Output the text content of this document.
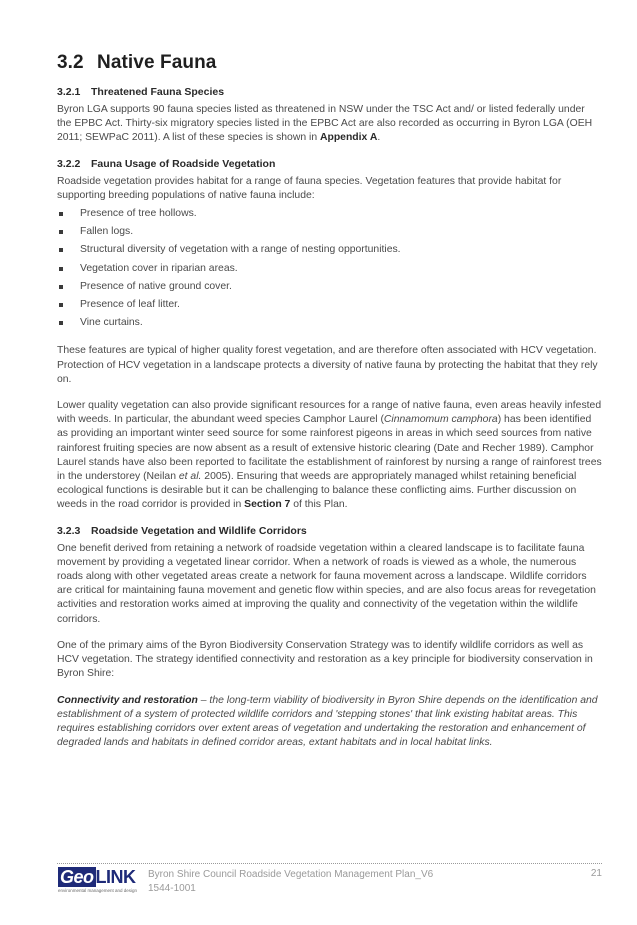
3.2 Native Fauna
3.2.1 Threatened Fauna Species

Byron LGA supports 90 fauna species listed as threatened in NSW under the TSC Act and/ or listed federally under the EPBC Act. Thirty-six migratory species listed in the EPBC Act are also recorded as occurring in Byron LGA (OEH 2011; SEWPaC 2011). A list of these species is shown in Appendix A.

3.2.2 Fauna Usage of Roadside Vegetation

Roadside vegetation provides habitat for a range of fauna species. Vegetation features that provide habitat for supporting breeding populations of native fauna include:

Presence of tree hollows.
Fallen logs.
Structural diversity of vegetation with a range of nesting opportunities.
Vegetation cover in riparian areas.
Presence of native ground cover.
Presence of leaf litter.
Vine curtains.

These features are typical of higher quality forest vegetation, and are therefore often associated with HCV vegetation. Protection of HCV vegetation in a landscape protects a diversity of native fauna by protecting the habitat that they rely on.

Lower quality vegetation can also provide significant resources for a range of native fauna, even areas heavily infested with weeds. In particular, the abundant weed species Camphor Laurel (Cinnamomum camphora) has been identified as providing an important winter seed source for some rainforest pigeons in areas in which seed sources from native rainforest fruiting species are now absent as a result of extensive historic clearing (Date and Recher 1989). Camphor Laurel stands have also been reported to facilitate the establishment of rainforest by nursing a range of rainforest trees in the understorey (Neilan et al. 2005). Ensuring that weeds are appropriately managed whilst retaining beneficial ecological functions is desirable but it can be challenging to balance these conflicting aims. Further discussion on weeds in the road corridor is provided in Section 7 of this Plan.

3.2.3 Roadside Vegetation and Wildlife Corridors

One benefit derived from retaining a network of roadside vegetation within a cleared landscape is to facilitate fauna movement by providing a vegetated linear corridor. When a network of roads is viewed as a whole, the numerous roads along with other vegetated areas create a network for fauna movement across a landscape. Wildlife corridors are critical for maintaining fauna movement and genetic flow within species, and are also focus areas for revegetation activities and restoration works aimed at improving the quality and connectivity of the vegetation within the wildlife corridors.

One of the primary aims of the Byron Biodiversity Conservation Strategy was to identify wildlife corridors as well as HCV vegetation. The strategy identified connectivity and restoration as a key principle for biodiversity conservation in Byron Shire:

Connectivity and restoration – the long-term viability of biodiversity in Byron Shire depends on the identification and establishment of a system of protected wildlife corridors and 'stepping stones' that link existing habitat areas. This requires establishing corridors over extent areas of vegetation and undertaking the restoration and enhancement of degraded lands and habitats in defined corridor areas, extant habitats and in local habitat links.

Geo LINK
environmental management and design
Byron Shire Council Roadside Vegetation Management Plan_V6
1544-1001
21
